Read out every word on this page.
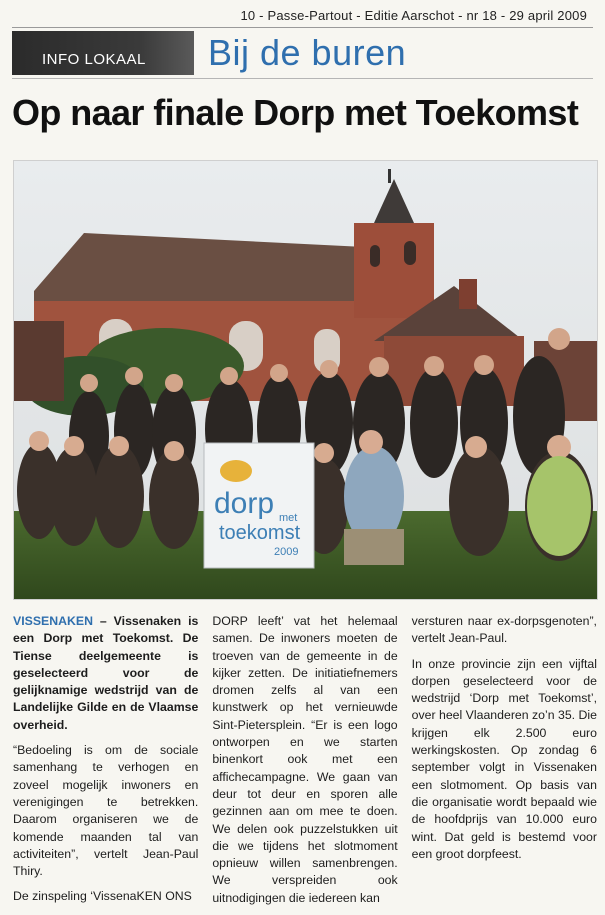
10 - Passe-Partout - Editie Aarschot - nr 18 - 29 april 2009
INFO LOKAAL Bij de buren
Op naar finale Dorp met Toekomst
dorp met
toekomst
2009

VISSENAKEN – Vissenaken is een Dorp met Toekomst. De Tiense deelgemeente is geselecteerd voor de gelijknamige wedstrijd van de Landelijke Gilde en de Vlaamse overheid.

“Bedoeling is om de sociale samenhang te verhogen en zoveel mogelijk inwoners en verenigingen te betrekken. Daarom organiseren we de komende maanden tal van activiteiten”, vertelt Jean-Paul Thiry.

De zinspeling ‘VissenaKEN ONS

DORP leeft’ vat het helemaal samen. De inwoners moeten de troeven van de gemeente in de kijker zetten. De initiatiefnemers dromen zelfs al van een kunstwerk op het vernieuwde Sint-Pietersplein. “Er is een logo ontworpen en we starten binenkort ook met een affichecampagne. We gaan van deur tot deur en sporen alle gezinnen aan om mee te doen. We delen ook puzzelstukken uit die we tijdens het slotmoment opnieuw willen samenbrengen. We verspreiden ook uitnodigingen die iedereen kan

versturen naar ex-dorpsgenoten”, vertelt Jean-Paul.

In onze provincie zijn een vijftal dorpen geselecteerd voor de wedstrijd ‘Dorp met Toekomst’, over heel Vlaanderen zo’n 35. Die krijgen elk 2.500 euro werkingskosten. Op zondag 6 september volgt in Vissenaken een slotmoment. Op basis van die organisatie wordt bepaald wie de hoofdprijs van 10.000 euro wint. Dat geld is bestemd voor een groot dorpfeest.
